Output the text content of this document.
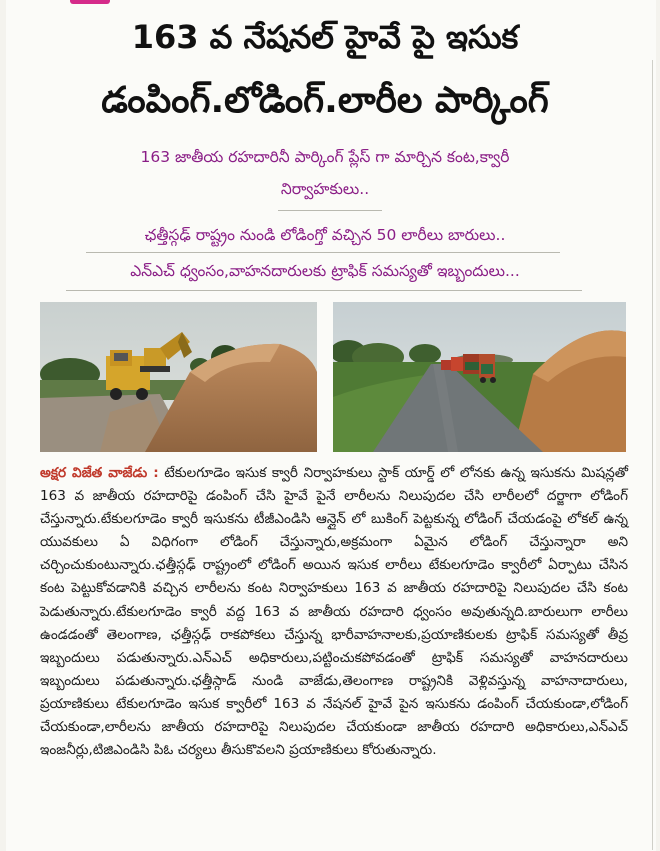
163 వ నేషనల్ హైవే పై ఇసుక
డంపింగ్.లోడింగ్.లారీల పార్కింగ్

163 జాతీయ రహదారినీ పార్కింగ్ ప్లేస్ గా మార్చిన కంట,క్వారీ

నిర్వాహకులు..

ఛత్తీస్గఢ్ రాష్ట్రం నుండి లోడింగ్తో వచ్చిన 50 లారీలు బారులు..

ఎన్ఎచ్ ధ్వంసం,వాహనదారులకు ట్రాఫిక్ సమస్యతో ఇబ్బందులు...

అక్షర విజేత వాజేడు : టేకులగూడెం ఇసుక క్వారీ నిర్వాహకులు స్టాక్ యార్డ్ లో లోనకు ఉన్న ఇసుకను మిషన్లతో 163 వ జాతీయ రహదారిపై డంపింగ్ చేసి హైవే పైనే లారీలను నిలుపుదల చేసి లారీలలో దర్జాగా లోడింగ్ చేస్తున్నారు.టేకులగూడెం క్వారీ ఇసుకను టీజీఎండిసి ఆన్లైన్ లో బుకింగ్ పెట్టకున్న లోడింగ్ చేయడంపై లోకల్ ఉన్న యువకులు ఏ విధిగంగా లోడింగ్ చేస్తున్నారు,అక్రమంగా ఏమైన లోడింగ్ చేస్తున్నారా అని చర్చించుకుంటున్నారు.ఛత్తీస్గఢ్ రాష్ట్రంలో లోడింగ్ అయిన ఇసుక లారీలు టేకులగూడెం క్వారీలో ఏర్పాటు చేసిన కంట పెట్టుకోవడానికి వచ్చిన లారీలను కంట నిర్వాహకులు 163 వ జాతీయ రహదారిపై నిలుపుదల చేసి కంట పెడుతున్నారు.టేకులగూడెం క్వారీ వద్ద 163 వ జాతీయ రహదారి ధ్వంసం అవుతున్నది.బారులుగా లారీలు ఉండడంతో తెలంగాణ, ఛత్తీస్గఢ్ రాకపోకలు చేస్తున్న భారీవాహనాలకు,ప్రయాణికులకు ట్రాఫిక్ సమస్యతో తీవ్ర ఇబ్బందులు పడుతున్నారు.ఎన్ఎచ్ అధికారులు,పట్టించుకపోవడంతో ట్రాఫిక్ సమస్యతో వాహనదారులు ఇబ్బందులు పడుతున్నారు.ఛత్తీస్గాడ్ నుండి వాజేడు,తెలంగాణ రాష్ట్రనికి వెళ్లివస్తున్న వాహనాదారులు, ప్రయాణికులు టేకులగూడెం ఇసుక క్వారీలో 163 వ నేషనల్ హైవే పైన ఇసుకను డంపింగ్ చేయకుండా,లోడింగ్ చేయకుండా,లారీలను జాతీయ రహదారిపై నిలుపుదల చేయకుండా జాతీయ రహదారి అధికారులు,ఎన్ఎచ్ ఇంజనీర్లు,టిజిఎండిసి పిఓ చర్యలు తీసుకొవలని ప్రయాణికులు కోరుతున్నారు.
